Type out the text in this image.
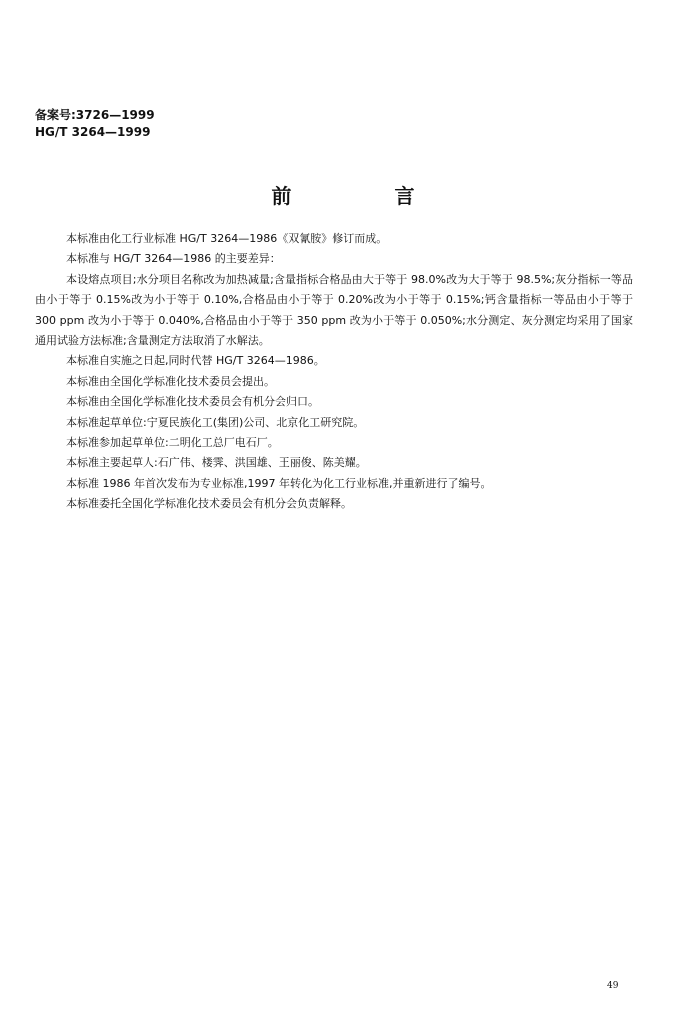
备案号:3726—1999
HG/T 3264—1999
前 言

本标准由化工行业标准 HG/T 3264—1986《双氰胺》修订而成。

本标准与 HG/T 3264—1986 的主要差异：

本设熔点项目;水分项目名称改为加热减量;含量指标合格品由大于等于 98.0%改为大于等于 98.5%;灰分指标一等品由小于等于 0.15%改为小于等于 0.10%,合格品由小于等于 0.20%改为小于等于 0.15%;钙含量指标一等品由小于等于 300 ppm 改为小于等于 0.040%,合格品由小于等于 350 ppm 改为小于等于 0.050%;水分测定、灰分测定均采用了国家通用试验方法标准;含量测定方法取消了水解法。

本标准自实施之日起,同时代替 HG/T 3264—1986。

本标准由全国化学标准化技术委员会提出。

本标准由全国化学标准化技术委员会有机分会归口。

本标准起草单位:宁夏民族化工(集团)公司、北京化工研究院。

本标准参加起草单位:二明化工总厂电石厂。

本标准主要起草人:石广伟、楼霁、洪国雄、王丽俊、陈美耀。

本标准 1986 年首次发布为专业标准,1997 年转化为化工行业标准,并重新进行了编号。

本标准委托全国化学标准化技术委员会有机分会负责解释。

49
